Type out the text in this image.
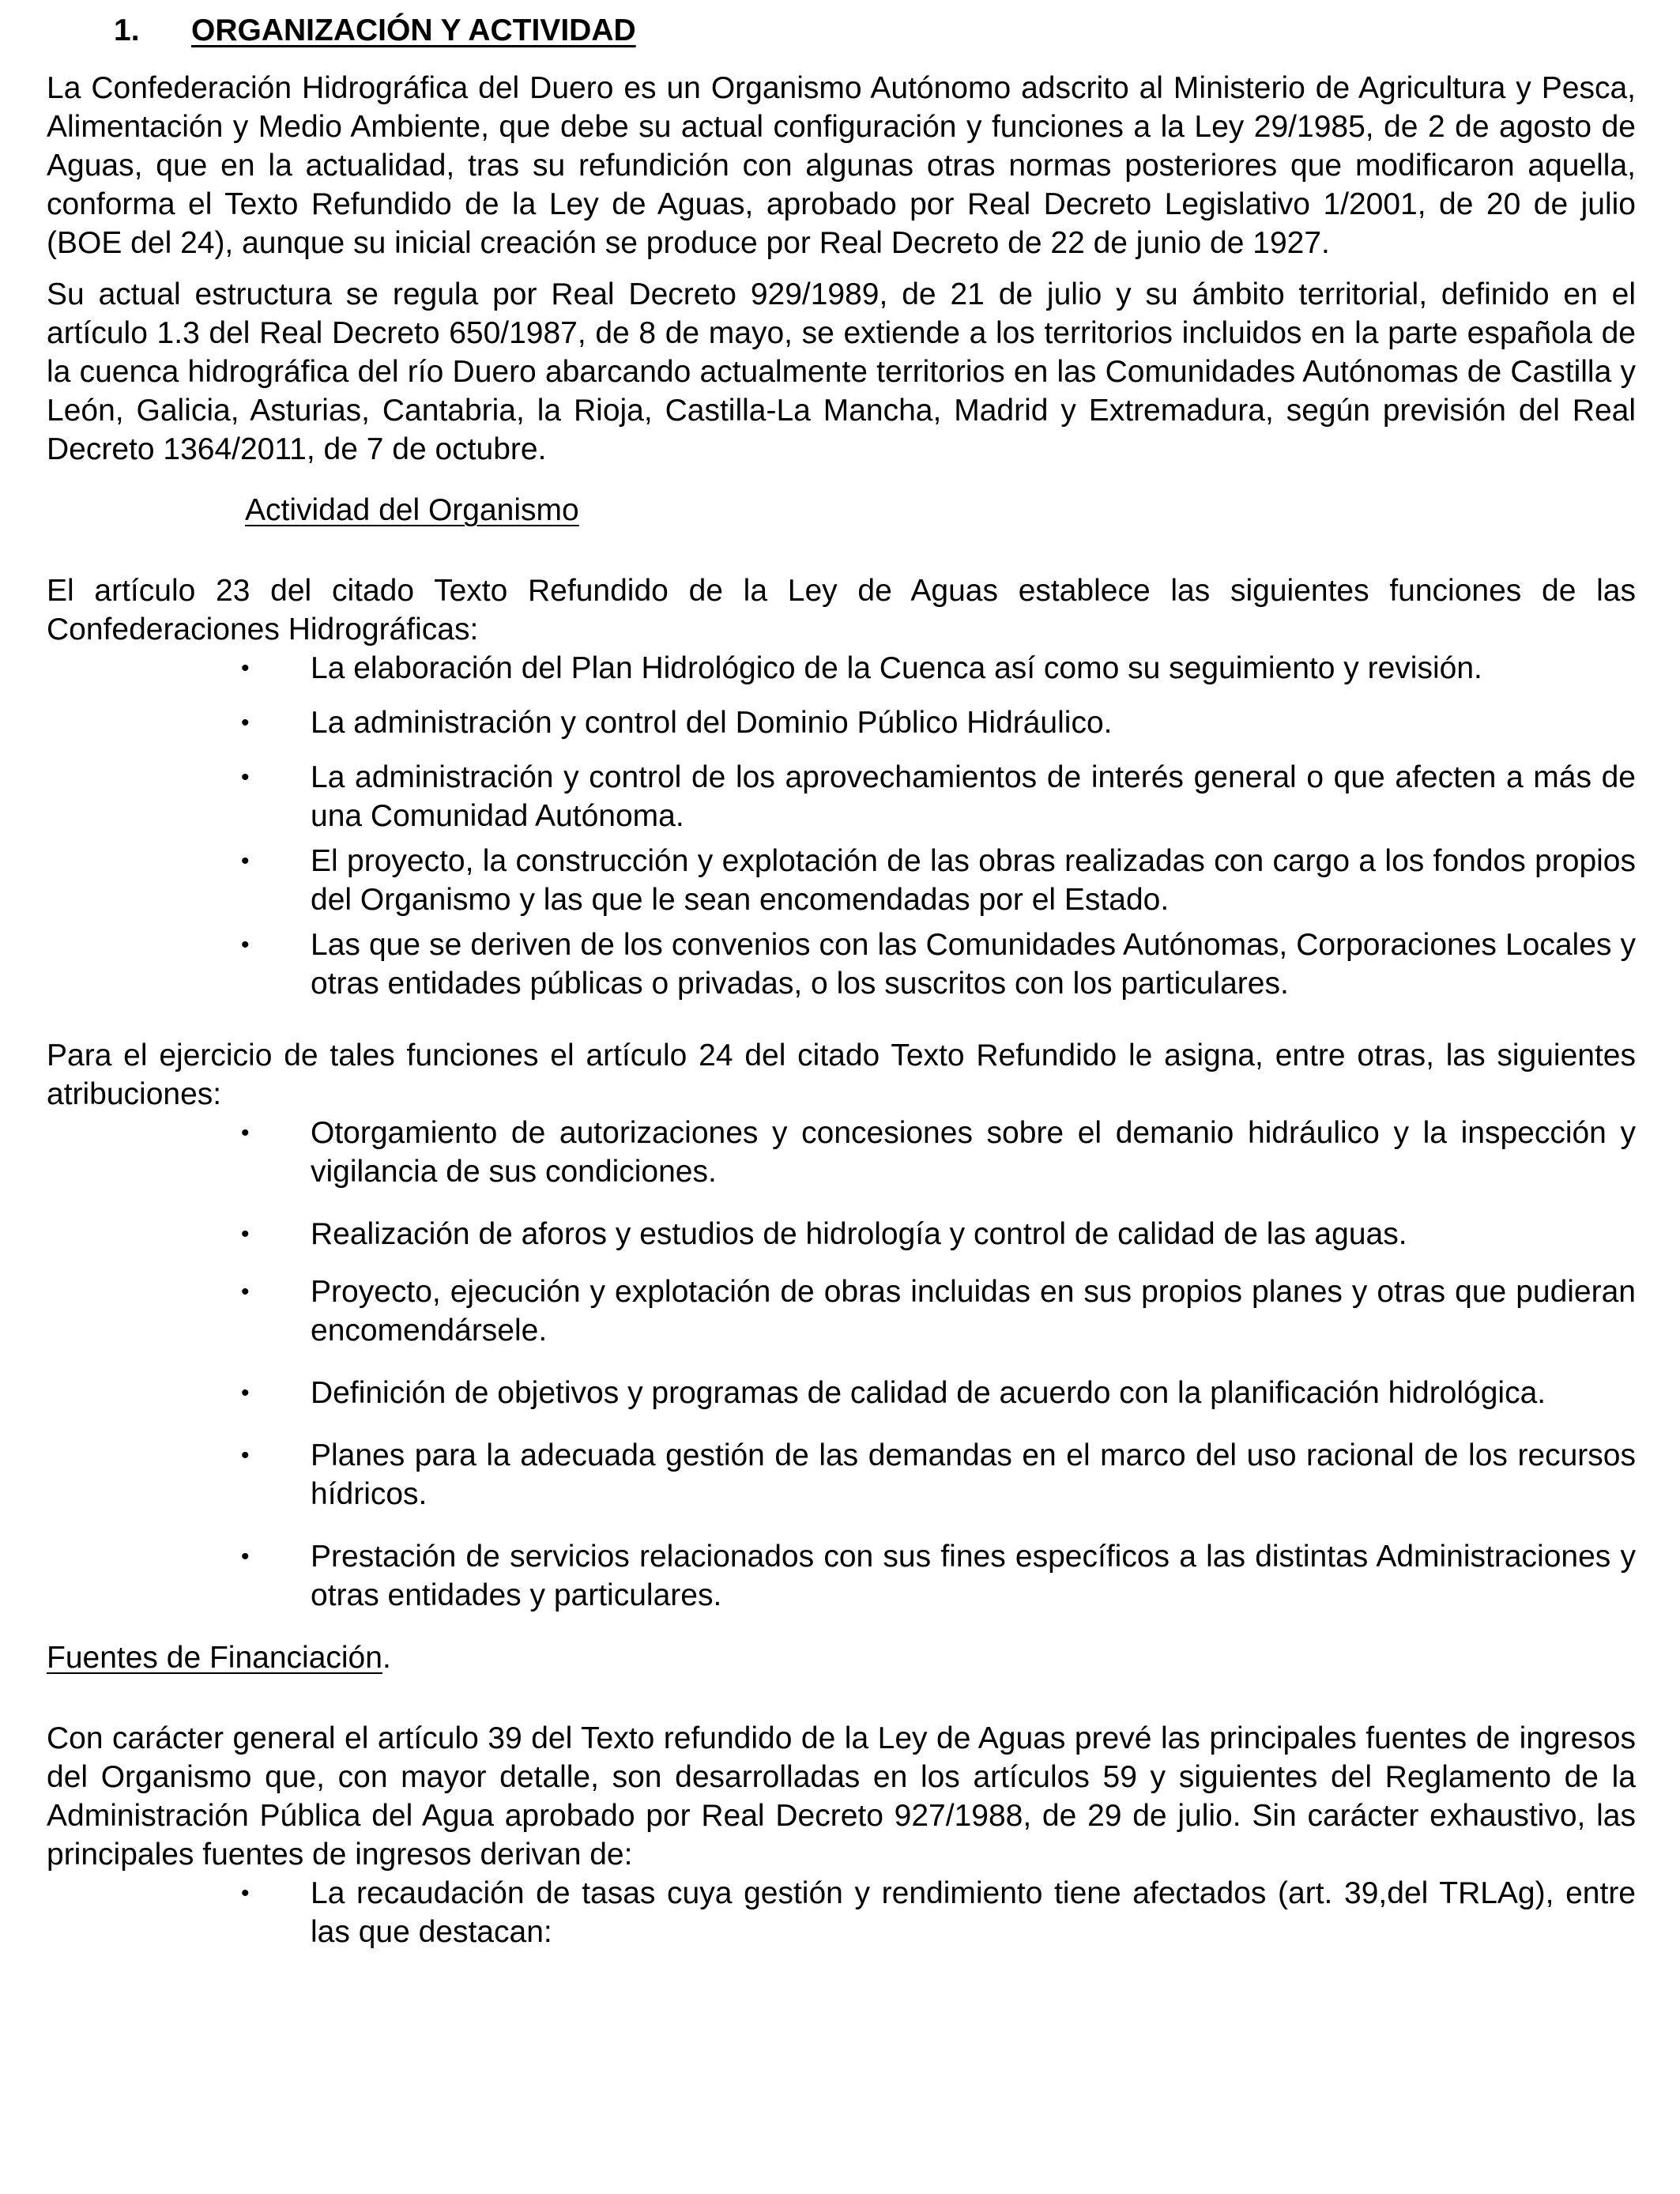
1.	ORGANIZACIÓN Y ACTIVIDAD

La Confederación Hidrográfica del Duero es un Organismo Autónomo adscrito al Ministerio de Agricultura y Pesca, Alimentación y Medio Ambiente, que debe su actual configuración y funciones a la Ley 29/1985, de 2 de agosto de Aguas, que en la actualidad, tras su refundición con algunas otras normas posteriores que modificaron aquella, conforma el Texto Refundido de la Ley de Aguas, aprobado por Real Decreto Legislativo 1/2001, de 20 de julio (BOE del 24), aunque su inicial creación se produce por Real Decreto de 22 de junio de 1927.

Su actual estructura se regula por Real Decreto 929/1989, de 21 de julio y su ámbito territorial, definido en el artículo 1.3 del Real Decreto 650/1987, de 8 de mayo, se extiende a los territorios incluidos en la parte española de la cuenca hidrográfica del río Duero abarcando actualmente territorios en las Comunidades Autónomas de Castilla y León, Galicia, Asturias, Cantabria, la Rioja, Castilla-La Mancha, Madrid y Extremadura, según previsión del Real Decreto 1364/2011, de 7 de octubre.

Actividad del Organismo

El artículo 23 del citado Texto Refundido de la Ley de Aguas establece las siguientes funciones de las Confederaciones Hidrográficas:

• La elaboración del Plan Hidrológico de la Cuenca así como su seguimiento y revisión.
• La administración y control del Dominio Público Hidráulico.
• La administración y control de los aprovechamientos de interés general o que afecten a más de una Comunidad Autónoma.
• El proyecto, la construcción y explotación de las obras realizadas con cargo a los fondos propios del Organismo y las que le sean encomendadas por el Estado.
• Las que se deriven de los convenios con las Comunidades Autónomas, Corporaciones Locales y otras entidades públicas o privadas, o los suscritos con los particulares.

Para el ejercicio de tales funciones el artículo 24 del citado Texto Refundido le asigna, entre otras, las siguientes atribuciones:

• Otorgamiento de autorizaciones y concesiones sobre el demanio hidráulico y la inspección y vigilancia de sus condiciones.
• Realización de aforos y estudios de hidrología y control de calidad de las aguas.
• Proyecto, ejecución y explotación de obras incluidas en sus propios planes y otras que pudieran encomendársele.
• Definición de objetivos y programas de calidad de acuerdo con la planificación hidrológica.
• Planes para la adecuada gestión de las demandas en el marco del uso racional de los recursos hídricos.
• Prestación de servicios relacionados con sus fines específicos a las distintas Administraciones y otras entidades y particulares.
Fuentes de Financiación.

Con carácter general el artículo 39 del Texto refundido de la Ley de Aguas prevé las principales fuentes de ingresos del Organismo que, con mayor detalle, son desarrolladas en los artículos 59 y siguientes del Reglamento de la Administración Pública del Agua aprobado por Real Decreto 927/1988, de 29 de julio. Sin carácter exhaustivo, las principales fuentes de ingresos derivan de:

• La recaudación de tasas cuya gestión y rendimiento tiene afectados (art. 39,del TRLAg), entre las que destacan:
